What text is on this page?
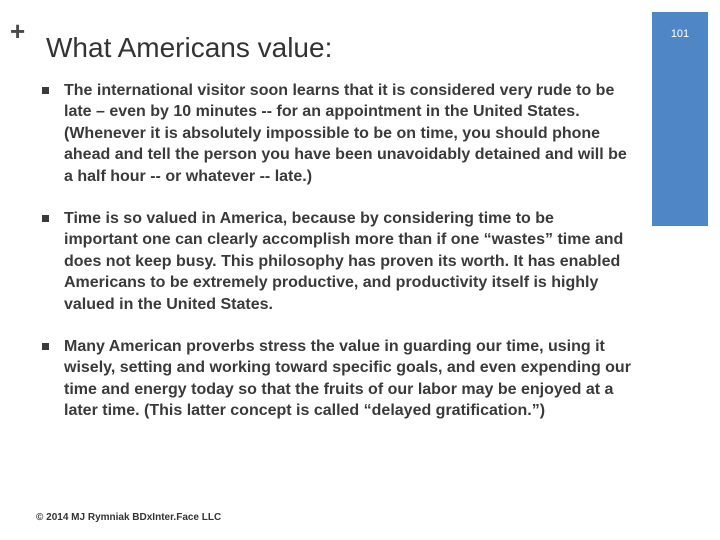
+
What Americans value:	101
The international visitor soon learns that it is considered very rude to be late – even by 10 minutes -- for an appointment in the United States. (Whenever it is absolutely impossible to be on time, you should phone ahead and tell the person you have been unavoidably detained and will be a half hour -- or whatever -- late.)
Time is so valued in America, because by considering time to be important one can clearly accomplish more than if one “wastes” time and does not keep busy. This philosophy has proven its worth. It has enabled Americans to be extremely productive, and productivity itself is highly valued in the United States.
Many American proverbs stress the value in guarding our time, using it wisely, setting and working toward specific goals, and even expending our time and energy today so that the fruits of our labor may be enjoyed at a later time. (This latter concept is called “delayed gratification.”)
© 2014 MJ Rymniak BDxInter.Face LLC
